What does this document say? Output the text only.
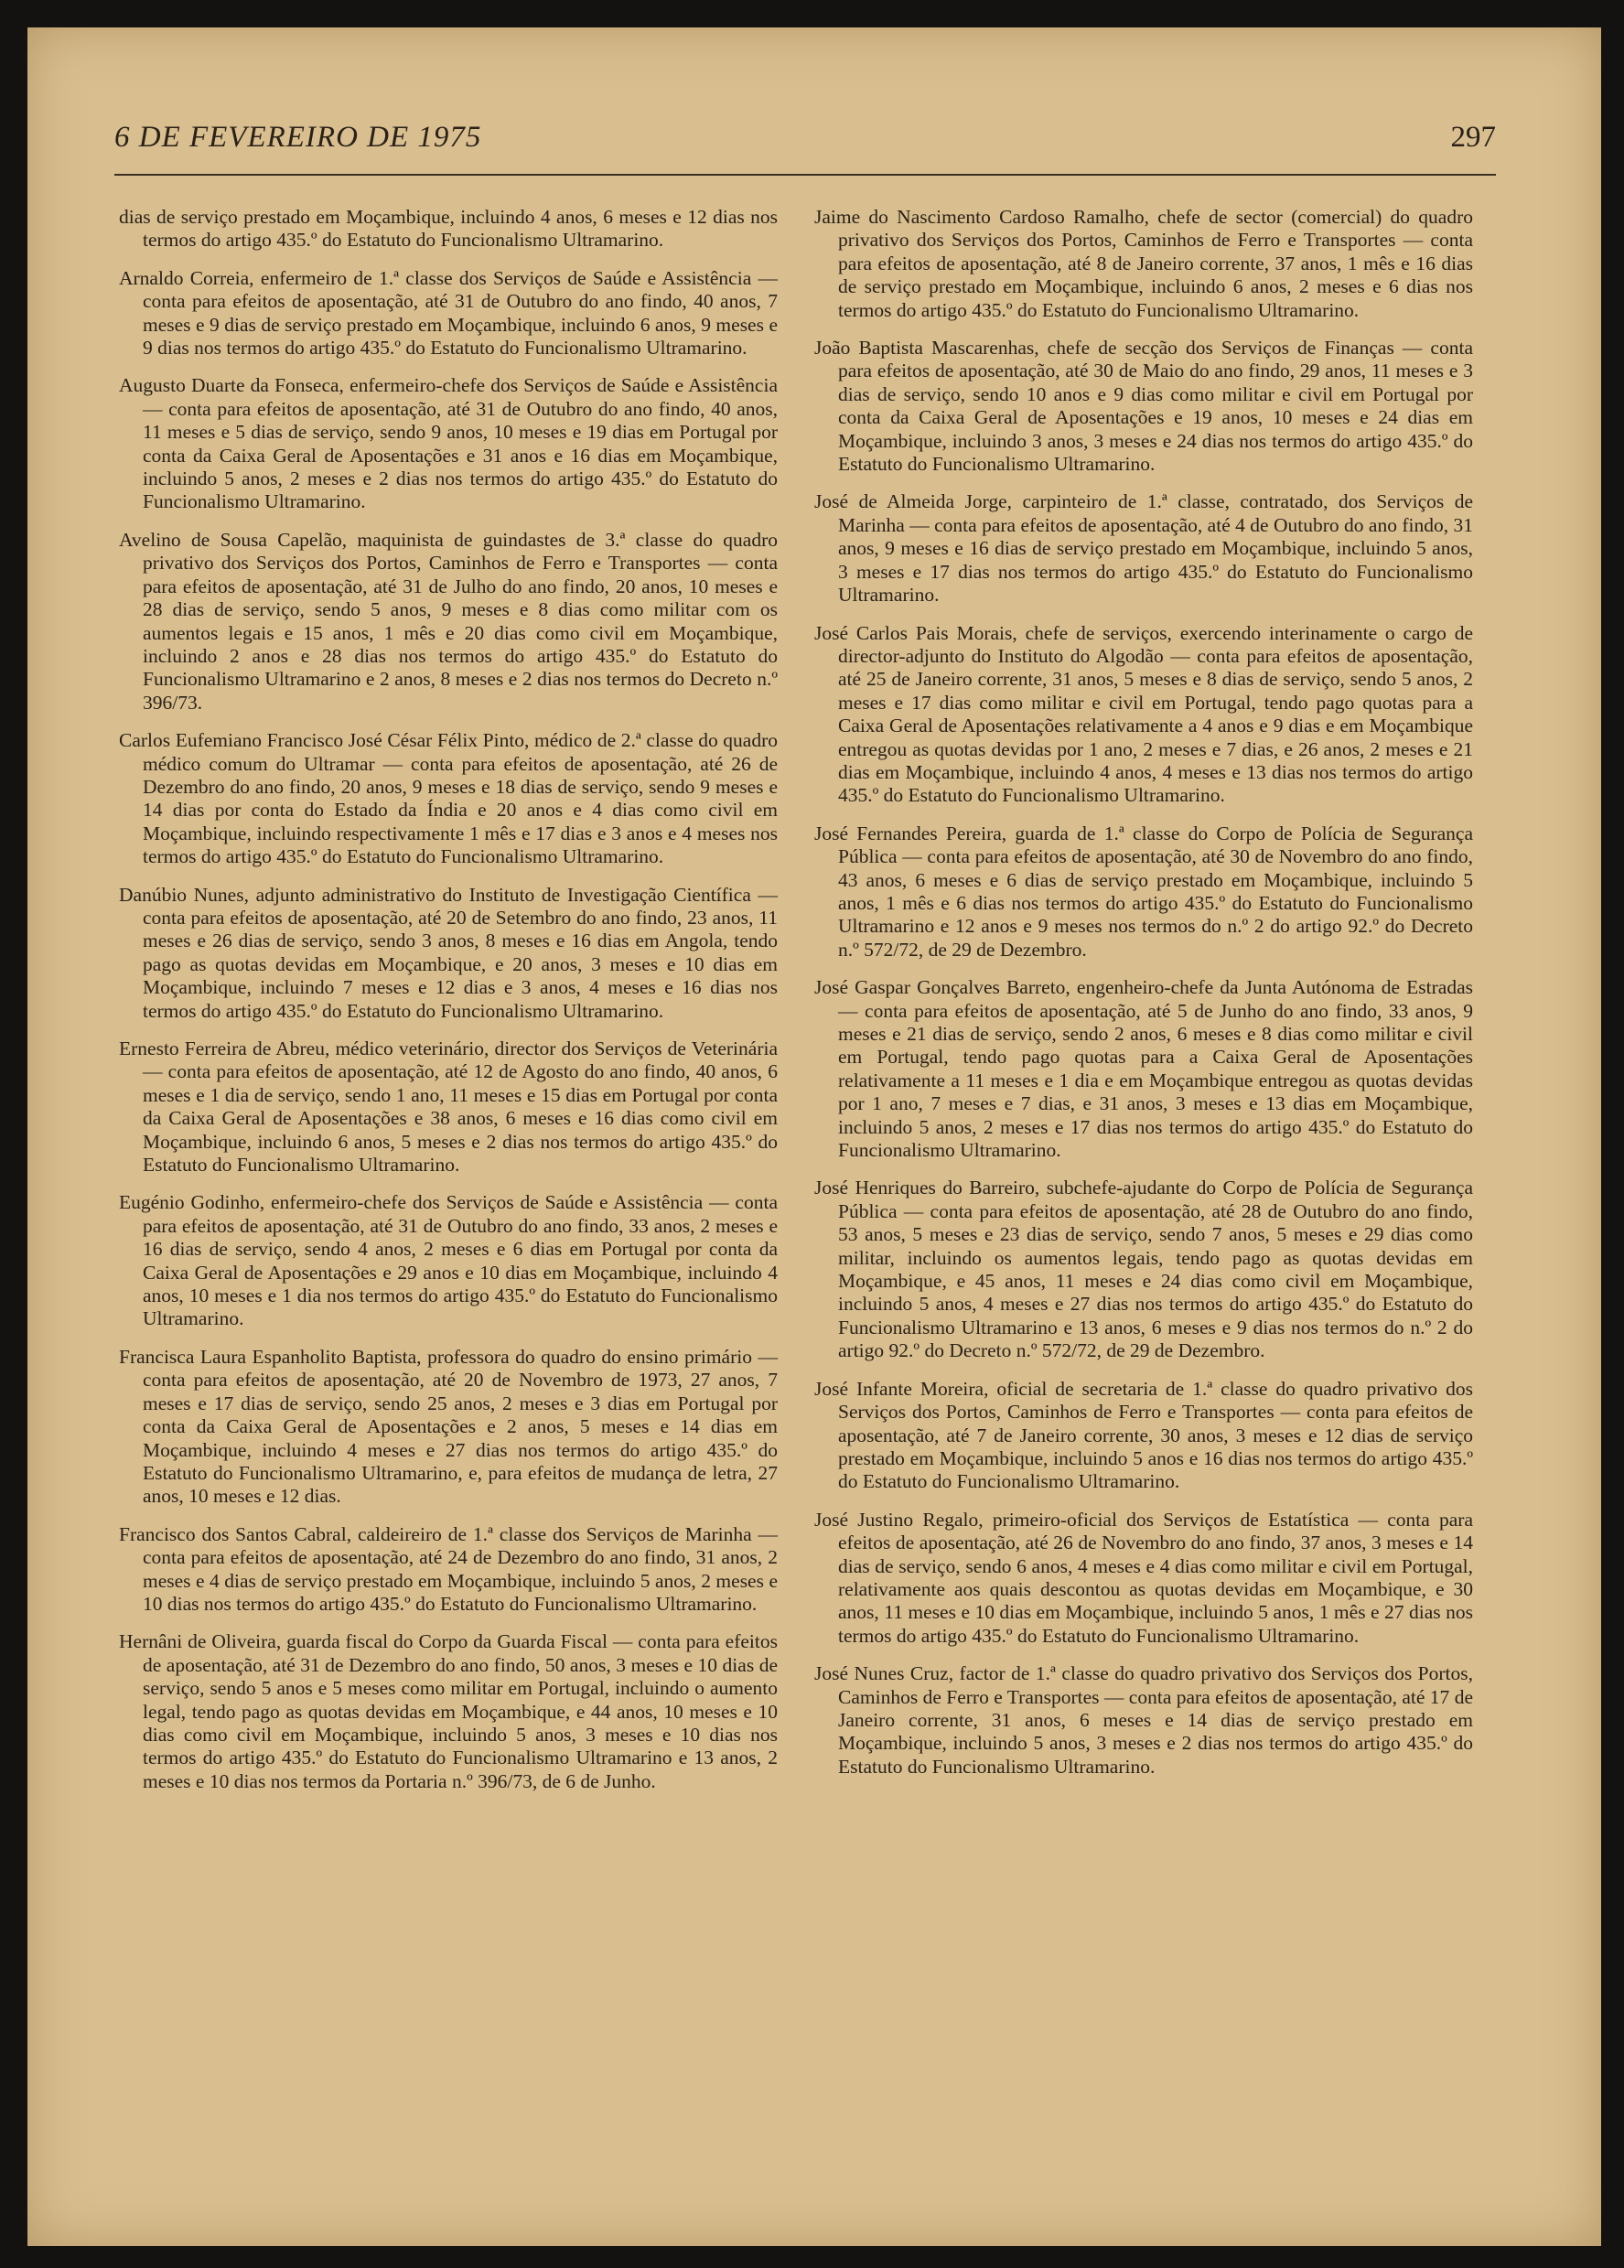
6 DE FEVEREIRO DE 1975	297

dias de serviço prestado em Moçambique, incluindo 4 anos, 6 meses e 12 dias nos termos do artigo 435.º do Estatuto do Funcionalismo Ultramarino.

Arnaldo Correia, enfermeiro de 1.ª classe dos Serviços de Saúde e Assistência — conta para efeitos de aposentação, até 31 de Outubro do ano findo, 40 anos, 7 meses e 9 dias de serviço prestado em Moçambique, incluindo 6 anos, 9 meses e 9 dias nos termos do artigo 435.º do Estatuto do Funcionalismo Ultramarino.

Augusto Duarte da Fonseca, enfermeiro-chefe dos Serviços de Saúde e Assistência — conta para efeitos de aposentação, até 31 de Outubro do ano findo, 40 anos, 11 meses e 5 dias de serviço, sendo 9 anos, 10 meses e 19 dias em Portugal por conta da Caixa Geral de Aposentações e 31 anos e 16 dias em Moçambique, incluindo 5 anos, 2 meses e 2 dias nos termos do artigo 435.º do Estatuto do Funcionalismo Ultramarino.

Avelino de Sousa Capelão, maquinista de guindastes de 3.ª classe do quadro privativo dos Serviços dos Portos, Caminhos de Ferro e Transportes — conta para efeitos de aposentação, até 31 de Julho do ano findo, 20 anos, 10 meses e 28 dias de serviço, sendo 5 anos, 9 meses e 8 dias como militar com os aumentos legais e 15 anos, 1 mês e 20 dias como civil em Moçambique, incluindo 2 anos e 28 dias nos termos do artigo 435.º do Estatuto do Funcionalismo Ultramarino e 2 anos, 8 meses e 2 dias nos termos do Decreto n.º 396/73.

Carlos Eufemiano Francisco José César Félix Pinto, médico de 2.ª classe do quadro médico comum do Ultramar — conta para efeitos de aposentação, até 26 de Dezembro do ano findo, 20 anos, 9 meses e 18 dias de serviço, sendo 9 meses e 14 dias por conta do Estado da Índia e 20 anos e 4 dias como civil em Moçambique, incluindo respectivamente 1 mês e 17 dias e 3 anos e 4 meses nos termos do artigo 435.º do Estatuto do Funcionalismo Ultramarino.

Danúbio Nunes, adjunto administrativo do Instituto de Investigação Científica — conta para efeitos de aposentação, até 20 de Setembro do ano findo, 23 anos, 11 meses e 26 dias de serviço, sendo 3 anos, 8 meses e 16 dias em Angola, tendo pago as quotas devidas em Moçambique, e 20 anos, 3 meses e 10 dias em Moçambique, incluindo 7 meses e 12 dias e 3 anos, 4 meses e 16 dias nos termos do artigo 435.º do Estatuto do Funcionalismo Ultramarino.

Ernesto Ferreira de Abreu, médico veterinário, director dos Serviços de Veterinária — conta para efeitos de aposentação, até 12 de Agosto do ano findo, 40 anos, 6 meses e 1 dia de serviço, sendo 1 ano, 11 meses e 15 dias em Portugal por conta da Caixa Geral de Aposentações e 38 anos, 6 meses e 16 dias como civil em Moçambique, incluindo 6 anos, 5 meses e 2 dias nos termos do artigo 435.º do Estatuto do Funcionalismo Ultramarino.

Eugénio Godinho, enfermeiro-chefe dos Serviços de Saúde e Assistência — conta para efeitos de aposentação, até 31 de Outubro do ano findo, 33 anos, 2 meses e 16 dias de serviço, sendo 4 anos, 2 meses e 6 dias em Portugal por conta da Caixa Geral de Aposentações e 29 anos e 10 dias em Moçambique, incluindo 4 anos, 10 meses e 1 dia nos termos do artigo 435.º do Estatuto do Funcionalismo Ultramarino.

Francisca Laura Espanholito Baptista, professora do quadro do ensino primário — conta para efeitos de aposentação, até 20 de Novembro de 1973, 27 anos, 7 meses e 17 dias de serviço, sendo 25 anos, 2 meses e 3 dias em Portugal por conta da Caixa Geral de Aposentações e 2 anos, 5 meses e 14 dias em Moçambique, incluindo 4 meses e 27 dias nos termos do artigo 435.º do Estatuto do Funcionalismo Ultramarino, e, para efeitos de mudança de letra, 27 anos, 10 meses e 12 dias.

Francisco dos Santos Cabral, caldeireiro de 1.ª classe dos Serviços de Marinha — conta para efeitos de aposentação, até 24 de Dezembro do ano findo, 31 anos, 2 meses e 4 dias de serviço prestado em Moçambique, incluindo 5 anos, 2 meses e 10 dias nos termos do artigo 435.º do Estatuto do Funcionalismo Ultramarino.

Hernâni de Oliveira, guarda fiscal do Corpo da Guarda Fiscal — conta para efeitos de aposentação, até 31 de Dezembro do ano findo, 50 anos, 3 meses e 10 dias de serviço, sendo 5 anos e 5 meses como militar em Portugal, incluindo o aumento legal, tendo pago as quotas devidas em Moçambique, e 44 anos, 10 meses e 10 dias como civil em Moçambique, incluindo 5 anos, 3 meses e 10 dias nos termos do artigo 435.º do Estatuto do Funcionalismo Ultramarino e 13 anos, 2 meses e 10 dias nos termos da Portaria n.º 396/73, de 6 de Junho.

Jaime do Nascimento Cardoso Ramalho, chefe de sector (comercial) do quadro privativo dos Serviços dos Portos, Caminhos de Ferro e Transportes — conta para efeitos de aposentação, até 8 de Janeiro corrente, 37 anos, 1 mês e 16 dias de serviço prestado em Moçambique, incluindo 6 anos, 2 meses e 6 dias nos termos do artigo 435.º do Estatuto do Funcionalismo Ultramarino.

João Baptista Mascarenhas, chefe de secção dos Serviços de Finanças — conta para efeitos de aposentação, até 30 de Maio do ano findo, 29 anos, 11 meses e 3 dias de serviço, sendo 10 anos e 9 dias como militar e civil em Portugal por conta da Caixa Geral de Aposentações e 19 anos, 10 meses e 24 dias em Moçambique, incluindo 3 anos, 3 meses e 24 dias nos termos do artigo 435.º do Estatuto do Funcionalismo Ultramarino.

José de Almeida Jorge, carpinteiro de 1.ª classe, contratado, dos Serviços de Marinha — conta para efeitos de aposentação, até 4 de Outubro do ano findo, 31 anos, 9 meses e 16 dias de serviço prestado em Moçambique, incluindo 5 anos, 3 meses e 17 dias nos termos do artigo 435.º do Estatuto do Funcionalismo Ultramarino.

José Carlos Pais Morais, chefe de serviços, exercendo interinamente o cargo de director-adjunto do Instituto do Algodão — conta para efeitos de aposentação, até 25 de Janeiro corrente, 31 anos, 5 meses e 8 dias de serviço, sendo 5 anos, 2 meses e 17 dias como militar e civil em Portugal, tendo pago quotas para a Caixa Geral de Aposentações relativamente a 4 anos e 9 dias e em Moçambique entregou as quotas devidas por 1 ano, 2 meses e 7 dias, e 26 anos, 2 meses e 21 dias em Moçambique, incluindo 4 anos, 4 meses e 13 dias nos termos do artigo 435.º do Estatuto do Funcionalismo Ultramarino.

José Fernandes Pereira, guarda de 1.ª classe do Corpo de Polícia de Segurança Pública — conta para efeitos de aposentação, até 30 de Novembro do ano findo, 43 anos, 6 meses e 6 dias de serviço prestado em Moçambique, incluindo 5 anos, 1 mês e 6 dias nos termos do artigo 435.º do Estatuto do Funcionalismo Ultramarino e 12 anos e 9 meses nos termos do n.º 2 do artigo 92.º do Decreto n.º 572/72, de 29 de Dezembro.

José Gaspar Gonçalves Barreto, engenheiro-chefe da Junta Autónoma de Estradas — conta para efeitos de aposentação, até 5 de Junho do ano findo, 33 anos, 9 meses e 21 dias de serviço, sendo 2 anos, 6 meses e 8 dias como militar e civil em Portugal, tendo pago quotas para a Caixa Geral de Aposentações relativamente a 11 meses e 1 dia e em Moçambique entregou as quotas devidas por 1 ano, 7 meses e 7 dias, e 31 anos, 3 meses e 13 dias em Moçambique, incluindo 5 anos, 2 meses e 17 dias nos termos do artigo 435.º do Estatuto do Funcionalismo Ultramarino.

José Henriques do Barreiro, subchefe-ajudante do Corpo de Polícia de Segurança Pública — conta para efeitos de aposentação, até 28 de Outubro do ano findo, 53 anos, 5 meses e 23 dias de serviço, sendo 7 anos, 5 meses e 29 dias como militar, incluindo os aumentos legais, tendo pago as quotas devidas em Moçambique, e 45 anos, 11 meses e 24 dias como civil em Moçambique, incluindo 5 anos, 4 meses e 27 dias nos termos do artigo 435.º do Estatuto do Funcionalismo Ultramarino e 13 anos, 6 meses e 9 dias nos termos do n.º 2 do artigo 92.º do Decreto n.º 572/72, de 29 de Dezembro.

José Infante Moreira, oficial de secretaria de 1.ª classe do quadro privativo dos Serviços dos Portos, Caminhos de Ferro e Transportes — conta para efeitos de aposentação, até 7 de Janeiro corrente, 30 anos, 3 meses e 12 dias de serviço prestado em Moçambique, incluindo 5 anos e 16 dias nos termos do artigo 435.º do Estatuto do Funcionalismo Ultramarino.

José Justino Regalo, primeiro-oficial dos Serviços de Estatística — conta para efeitos de aposentação, até 26 de Novembro do ano findo, 37 anos, 3 meses e 14 dias de serviço, sendo 6 anos, 4 meses e 4 dias como militar e civil em Portugal, relativamente aos quais descontou as quotas devidas em Moçambique, e 30 anos, 11 meses e 10 dias em Moçambique, incluindo 5 anos, 1 mês e 27 dias nos termos do artigo 435.º do Estatuto do Funcionalismo Ultramarino.

José Nunes Cruz, factor de 1.ª classe do quadro privativo dos Serviços dos Portos, Caminhos de Ferro e Transportes — conta para efeitos de aposentação, até 17 de Janeiro corrente, 31 anos, 6 meses e 14 dias de serviço prestado em Moçambique, incluindo 5 anos, 3 meses e 2 dias nos termos do artigo 435.º do Estatuto do Funcionalismo Ultramarino.
